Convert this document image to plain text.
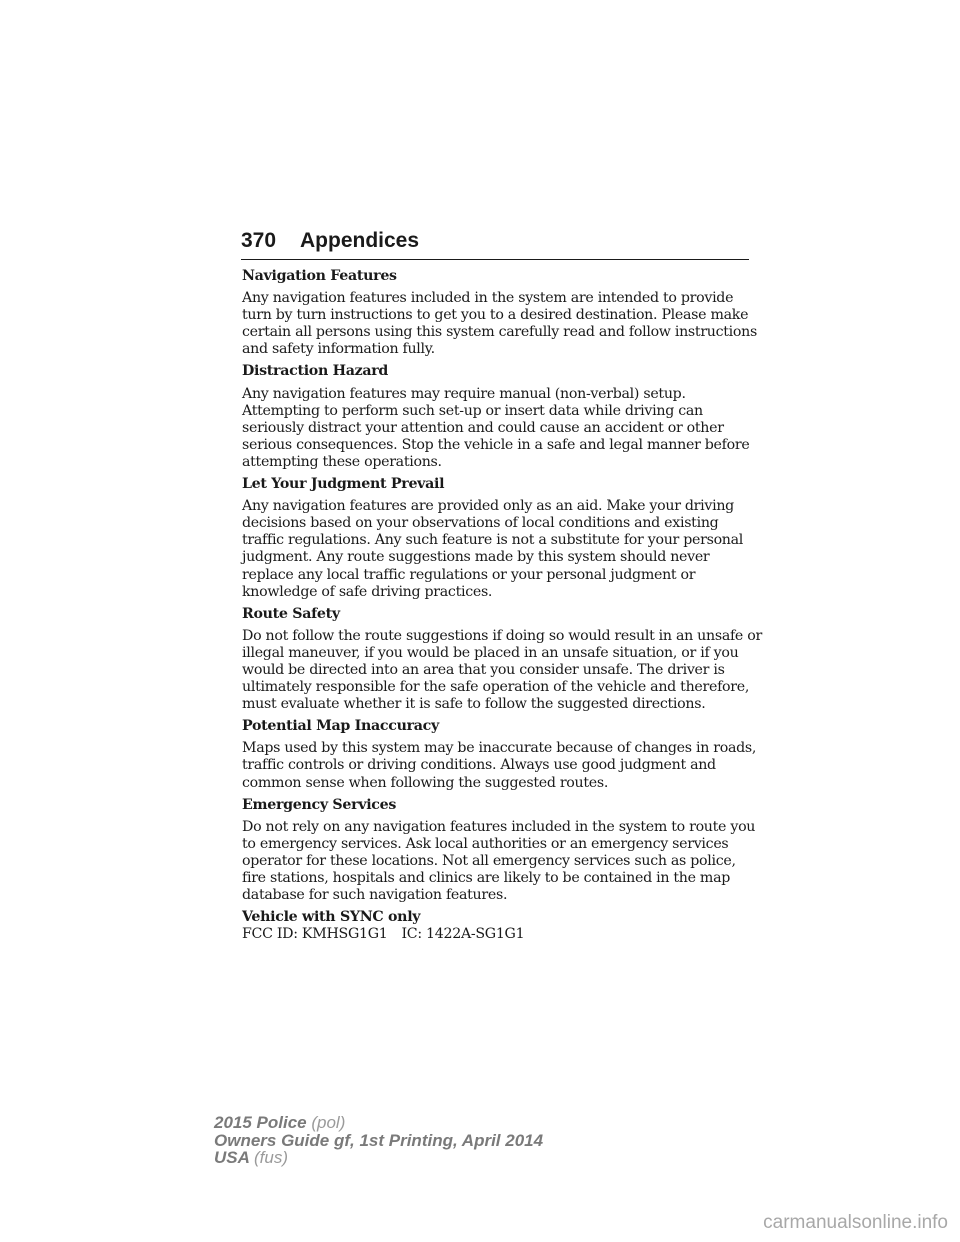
370	Appendices

Navigation Features

Any navigation features included in the system are intended to provide turn by turn instructions to get you to a desired destination. Please make certain all persons using this system carefully read and follow instructions and safety information fully.

Distraction Hazard

Any navigation features may require manual (non-verbal) setup. Attempting to perform such set-up or insert data while driving can seriously distract your attention and could cause an accident or other serious consequences. Stop the vehicle in a safe and legal manner before attempting these operations.

Let Your Judgment Prevail

Any navigation features are provided only as an aid. Make your driving decisions based on your observations of local conditions and existing traffic regulations. Any such feature is not a substitute for your personal judgment. Any route suggestions made by this system should never replace any local traffic regulations or your personal judgment or knowledge of safe driving practices.

Route Safety

Do not follow the route suggestions if doing so would result in an unsafe or illegal maneuver, if you would be placed in an unsafe situation, or if you would be directed into an area that you consider unsafe. The driver is ultimately responsible for the safe operation of the vehicle and therefore, must evaluate whether it is safe to follow the suggested directions.

Potential Map Inaccuracy

Maps used by this system may be inaccurate because of changes in roads, traffic controls or driving conditions. Always use good judgment and common sense when following the suggested routes.

Emergency Services

Do not rely on any navigation features included in the system to route you to emergency services. Ask local authorities or an emergency services operator for these locations. Not all emergency services such as police, fire stations, hospitals and clinics are likely to be contained in the map database for such navigation features.

Vehicle with SYNC only

FCC ID: KMHSG1G1 IC: 1422A-SG1G1

2015 Police (pol)
Owners Guide gf, 1st Printing, April 2014
USA (fus)
carmanualsonline.info
